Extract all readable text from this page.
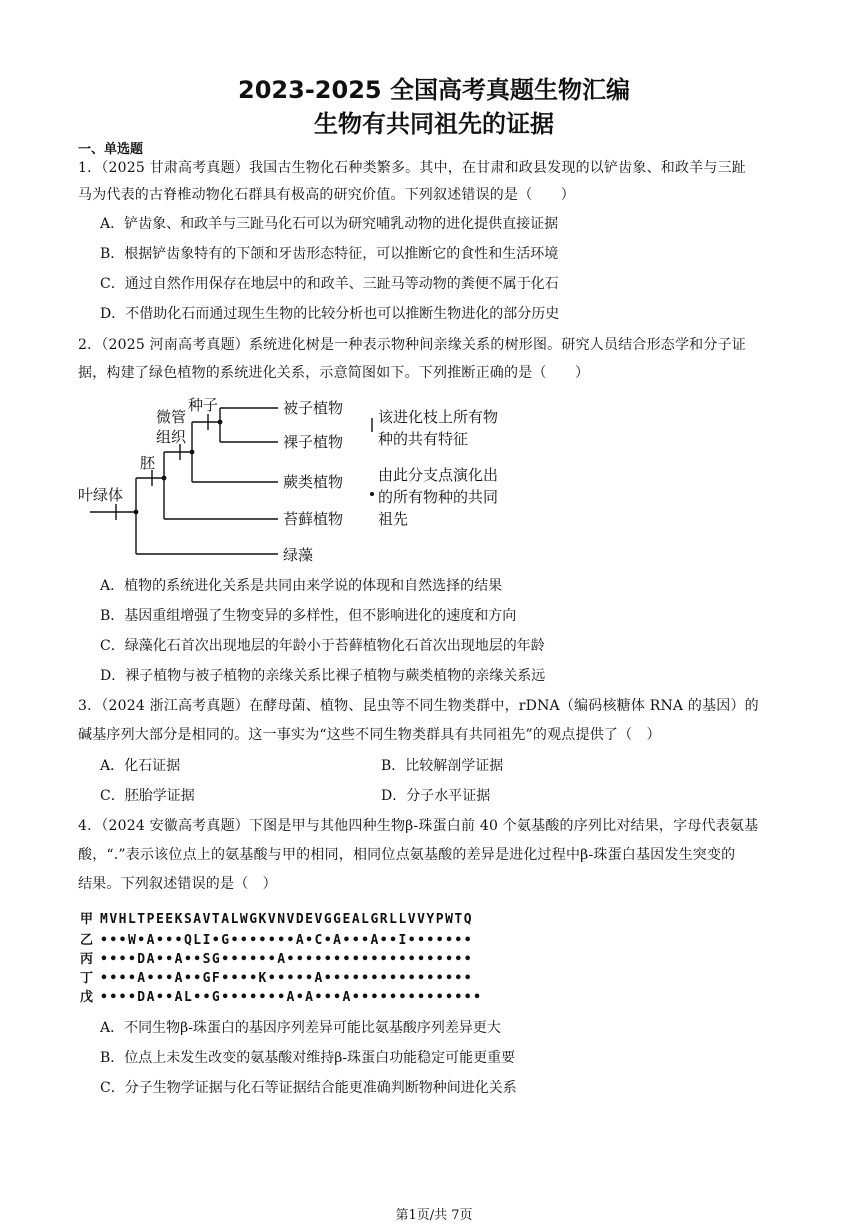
2023-2025 全国高考真题生物汇编
生物有共同祖先的证据
一、单选题
1．（2025 甘肃高考真题）我国古生物化石种类繁多。其中，在甘肃和政县发现的以铲齿象、和政羊与三趾
马为代表的古脊椎动物化石群具有极高的研究价值。下列叙述错误的是（　　）
A．铲齿象、和政羊与三趾马化石可以为研究哺乳动物的进化提供直接证据
B．根据铲齿象特有的下颌和牙齿形态特征，可以推断它的食性和生活环境
C．通过自然作用保存在地层中的和政羊、三趾马等动物的粪便不属于化石
D．不借助化石而通过现生生物的比较分析也可以推断生物进化的部分历史
2．（2025 河南高考真题）系统进化树是一种表示物种间亲缘关系的树形图。研究人员结合形态学和分子证
据，构建了绿色植物的系统进化关系，示意简图如下。下列推断正确的是（　　）
叶绿体
胚
微管
组织
种子	被子植物
裸子植物
蕨类植物
苔藓植物
绿藻
该进化枝上所有物
种的共有特征
由此分支点演化出
的所有物种的共同
祖先
A．植物的系统进化关系是共同由来学说的体现和自然选择的结果
B．基因重组增强了生物变异的多样性，但不影响进化的速度和方向
C．绿藻化石首次出现地层的年龄小于苔藓植物化石首次出现地层的年龄
D．裸子植物与被子植物的亲缘关系比裸子植物与蕨类植物的亲缘关系远
3．（2024 浙江高考真题）在酵母菌、植物、昆虫等不同生物类群中，rDNA（编码核糖体 RNA 的基因）的
碱基序列大部分是相同的。这一事实为“这些不同生物类群具有共同祖先”的观点提供了（　）
A．化石证据	B．比较解剖学证据
C．胚胎学证据	D．分子水平证据
4．（2024 安徽高考真题）下图是甲与其他四种生物β-珠蛋白前 40 个氨基酸的序列比对结果，字母代表氨基
酸，“.”表示该位点上的氨基酸与甲的相同，相同位点氨基酸的差异是进化过程中β-珠蛋白基因发生突变的
结果。下列叙述错误的是（　）
甲 MVHLTPEEKSAVTALWGKVNVDEVGGEALGRLLVVYPWTQ
乙 •••W•A•••QLI•G•••••••A•C•A•••A••I•••••••
丙 ••••DA••A••SG••••••A••••••••••••••••••••
丁 ••••A•••A••GF••••K•••••A••••••••••••••••
戊 ••••DA••AL••G•••••••A•A•••A••••••••••••••
A．不同生物β-珠蛋白的基因序列差异可能比氨基酸序列差异更大
B．位点上未发生改变的氨基酸对维持β-珠蛋白功能稳定可能更重要
C．分子生物学证据与化石等证据结合能更准确判断物种间进化关系
第1页/共 7页
